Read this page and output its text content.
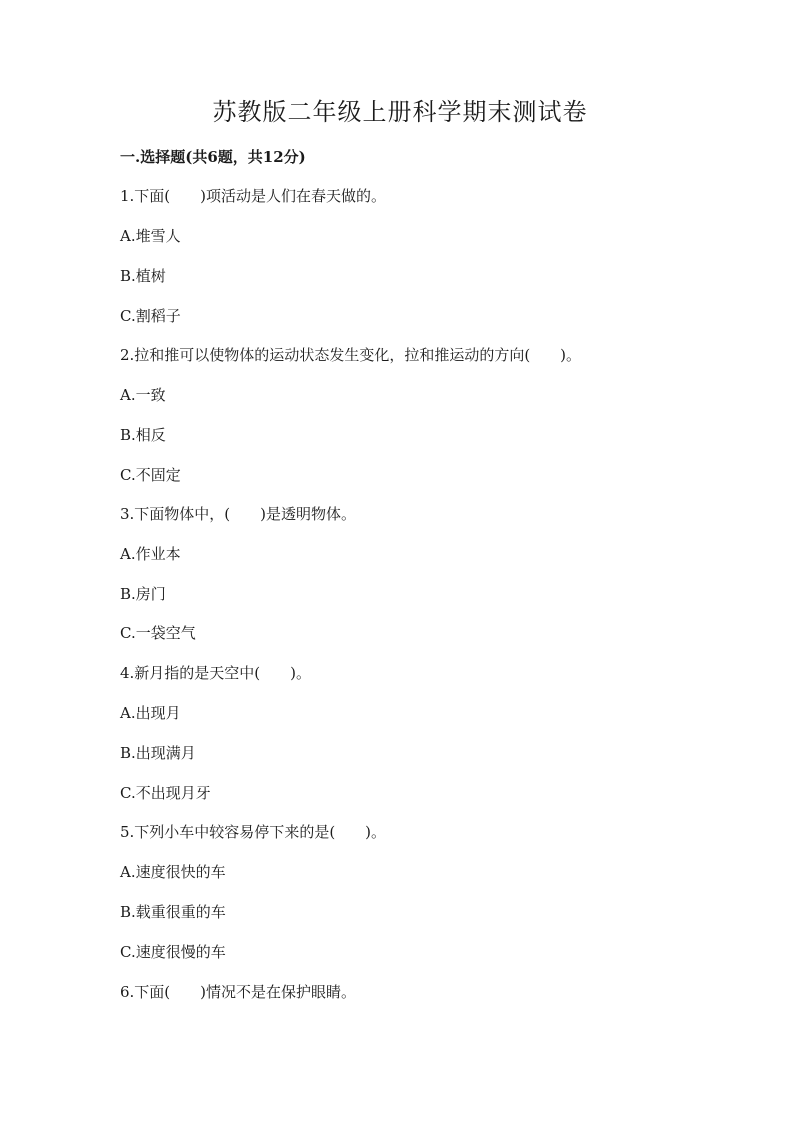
苏教版二年级上册科学期末测试卷
一.选择题(共6题，共12分)
1.下面(　　)项活动是人们在春天做的。
A.堆雪人
B.植树
C.割稻子
2.拉和推可以使物体的运动状态发生变化，拉和推运动的方向(　　)。
A.一致
B.相反
C.不固定
3.下面物体中，(　　)是透明物体。
A.作业本
B.房门
C.一袋空气
4.新月指的是天空中(　　)。
A.出现月
B.出现满月
C.不出现月牙
5.下列小车中较容易停下来的是(　　)。
A.速度很快的车
B.载重很重的车
C.速度很慢的车
6.下面(　　)情况不是在保护眼睛。
